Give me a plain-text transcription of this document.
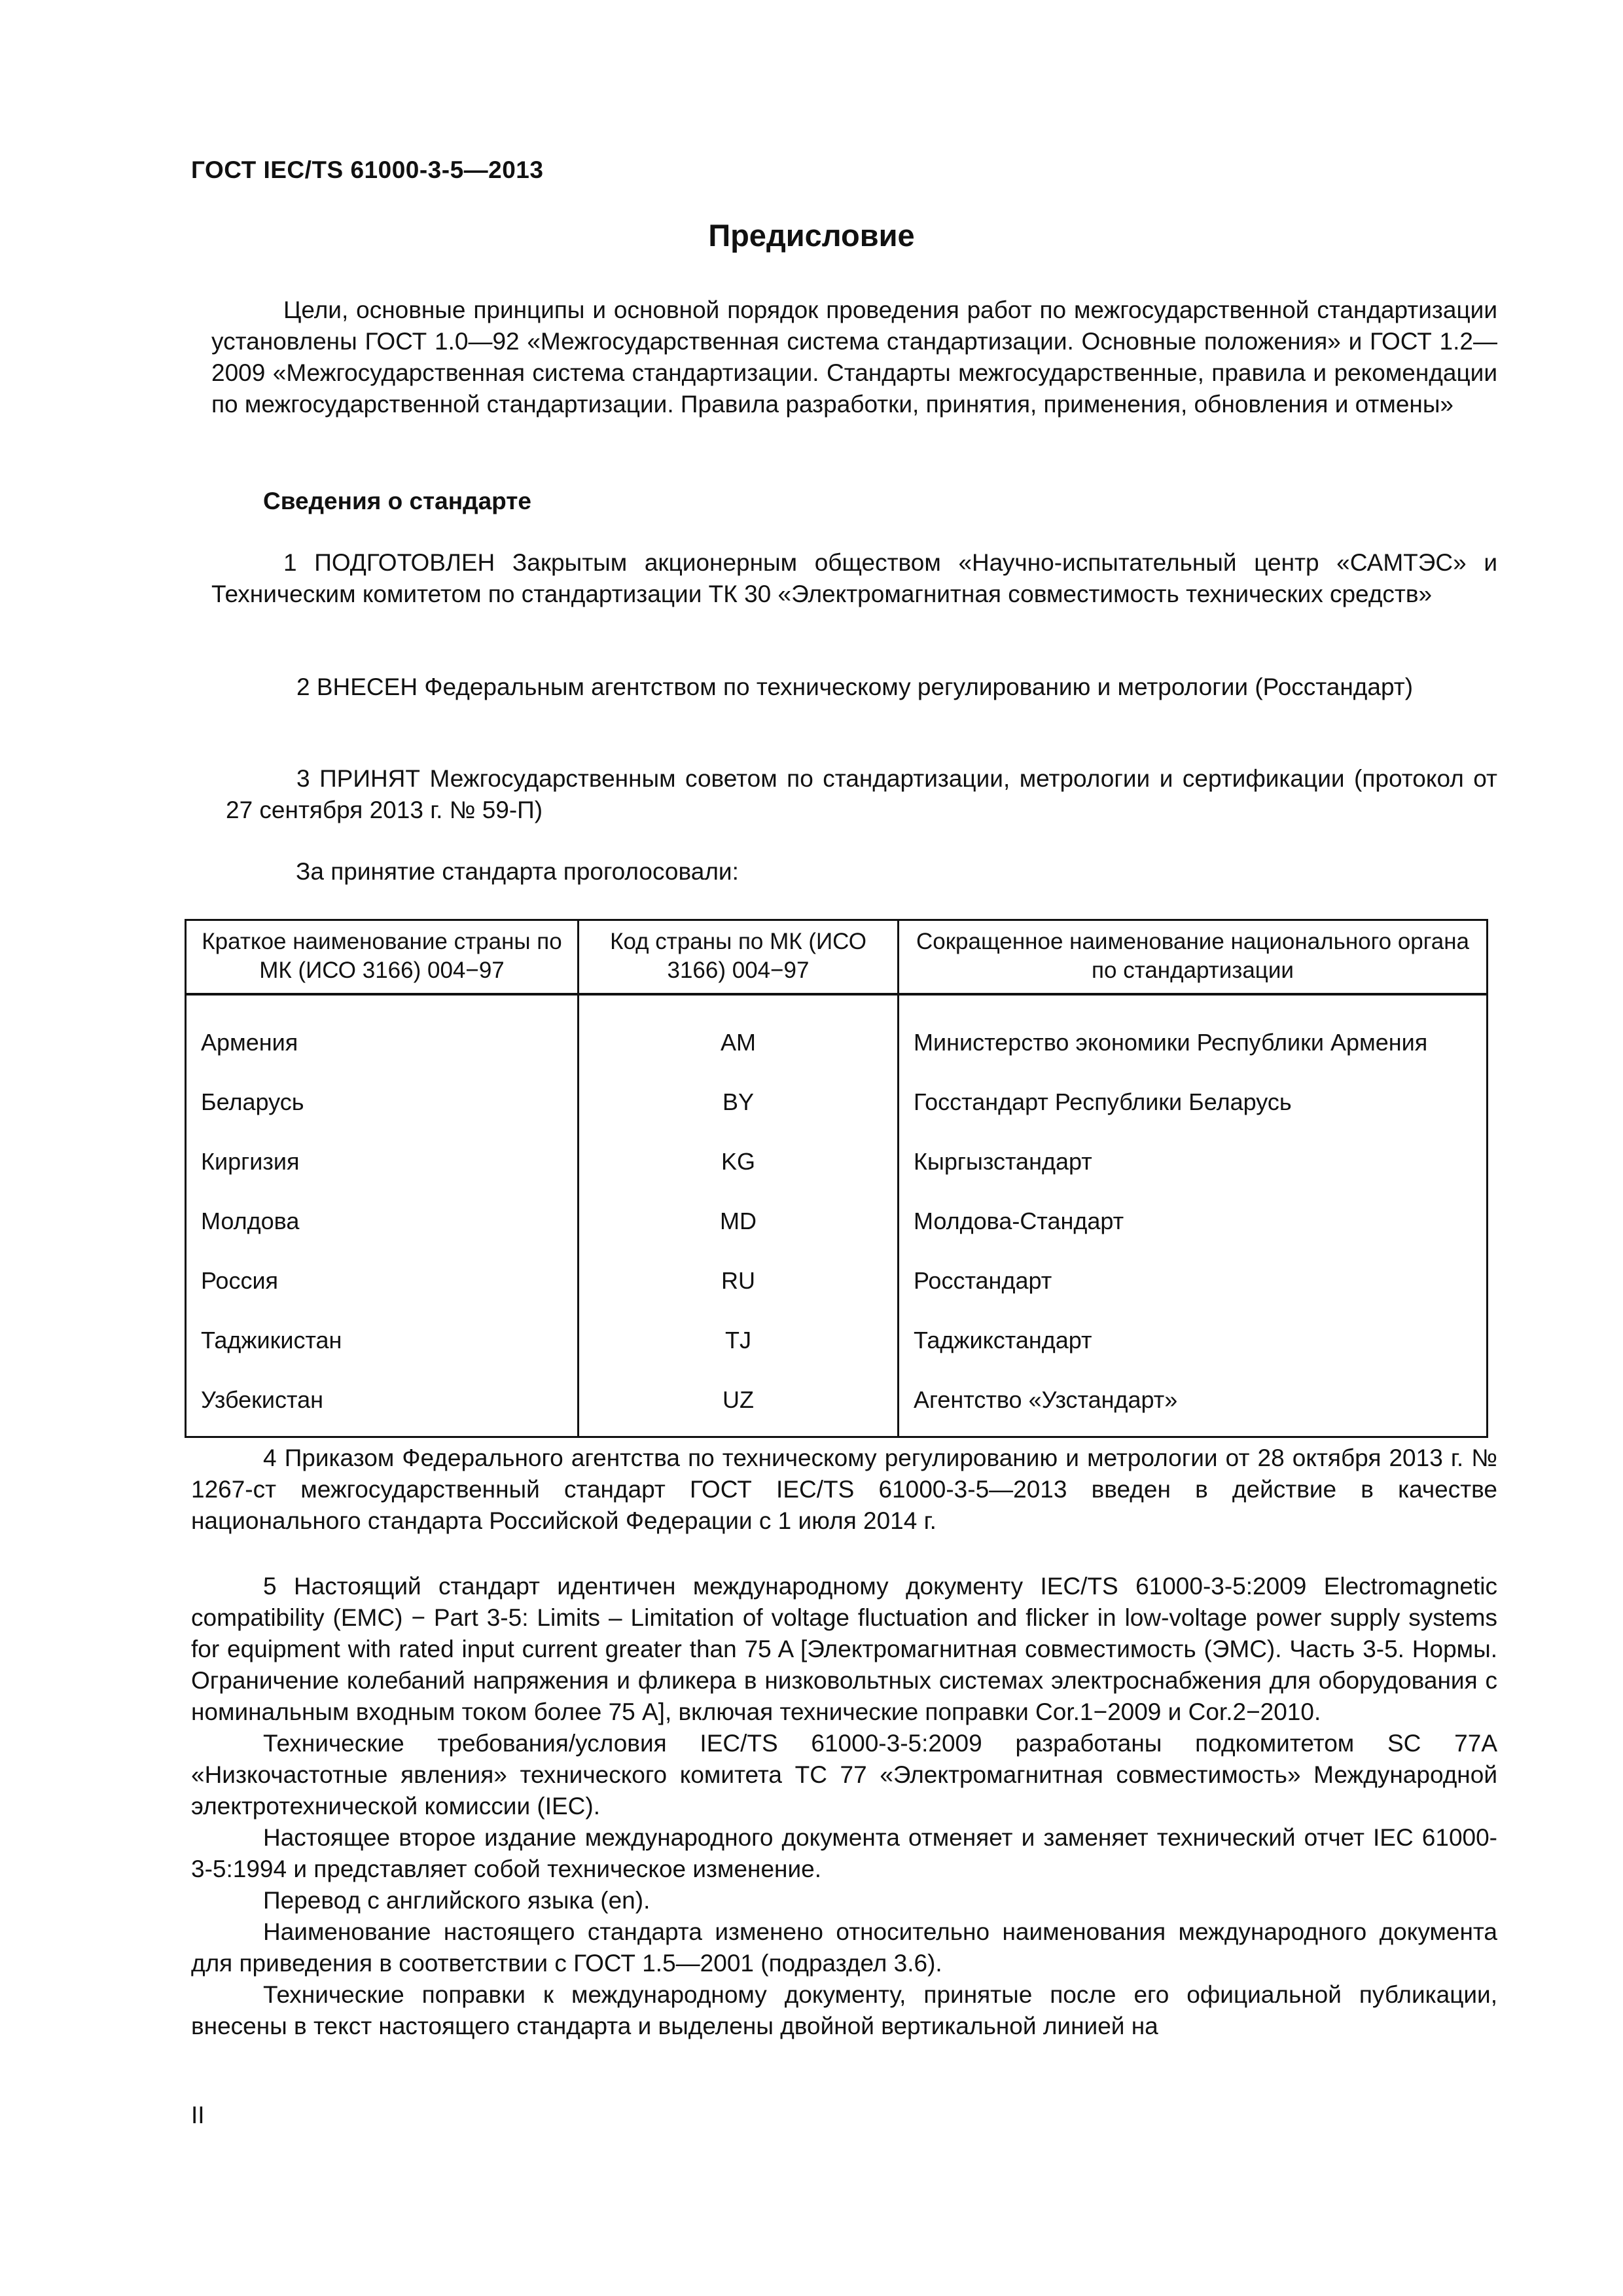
ГОСТ IEC/TS 61000-3-5—2013
Предисловие
Цели, основные принципы и основной порядок проведения работ по межгосударственной стандартизации установлены ГОСТ 1.0—92 «Межгосударственная система стандартизации. Основные положения» и ГОСТ 1.2—2009 «Межгосударственная система стандартизации. Стандарты межгосударственные, правила и рекомендации по межгосударственной стандартизации. Правила разработки, принятия, применения, обновления и отмены»
Сведения о стандарте
1 ПОДГОТОВЛЕН Закрытым акционерным обществом «Научно-испытательный центр «САМТЭС» и Техническим комитетом по стандартизации ТК 30 «Электромагнитная совместимость технических средств»
2 ВНЕСЕН Федеральным агентством по техническому регулированию и метрологии (Росстандарт)
3 ПРИНЯТ Межгосударственным советом по стандартизации, метрологии и сертификации (протокол от 27 сентября 2013 г. № 59-П)
За принятие стандарта проголосовали:
Краткое наименование страны по МК (ИСО 3166) 004−97	Код страны по МК (ИСО 3166) 004−97	Сокращенное наименование национального органа по стандартизации
Армения	AM	Министерство экономики Республики Армения
Беларусь	BY	Госстандарт Республики Беларусь
Киргизия	KG	Кыргызстандарт
Молдова	MD	Молдова-Стандарт
Россия	RU	Росстандарт
Таджикистан	TJ	Таджикстандарт
Узбекистан	UZ	Агентство «Узстандарт»
4 Приказом Федерального агентства по техническому регулированию и метрологии от 28 октября 2013 г. № 1267-ст межгосударственный стандарт ГОСТ IEC/TS 61000-3-5—2013 введен в действие в качестве национального стандарта Российской Федерации с 1 июля 2014 г.
5 Настоящий стандарт идентичен международному документу IEC/TS 61000-3-5:2009 Electromagnetic compatibility (EMC) − Part 3-5: Limits – Limitation of voltage fluctuation and flicker in low-voltage power supply systems for equipment with rated input current greater than 75 A [Электромагнитная совместимость (ЭМС). Часть 3-5. Нормы. Ограничение колебаний напряжения и фликера в низковольтных системах электроснабжения для оборудования с номинальным входным током более 75 А], включая технические поправки Cor.1−2009 и Cor.2−2010.
Технические требования/условия IEC/TS 61000-3-5:2009 разработаны подкомитетом SC 77A «Низкочастотные явления» технического комитета ТС 77 «Электромагнитная совместимость» Международной электротехнической комиссии (IEC).
Настоящее второе издание международного документа отменяет и заменяет технический отчет IEC 61000-3-5:1994 и представляет собой техническое изменение.
Перевод с английского языка (en).
Наименование настоящего стандарта изменено относительно наименования международного документа для приведения в соответствии с ГОСТ 1.5—2001 (подраздел 3.6).
Технические поправки к международному документу, принятые после его официальной публикации, внесены в текст настоящего стандарта и выделены двойной вертикальной линией на
II
